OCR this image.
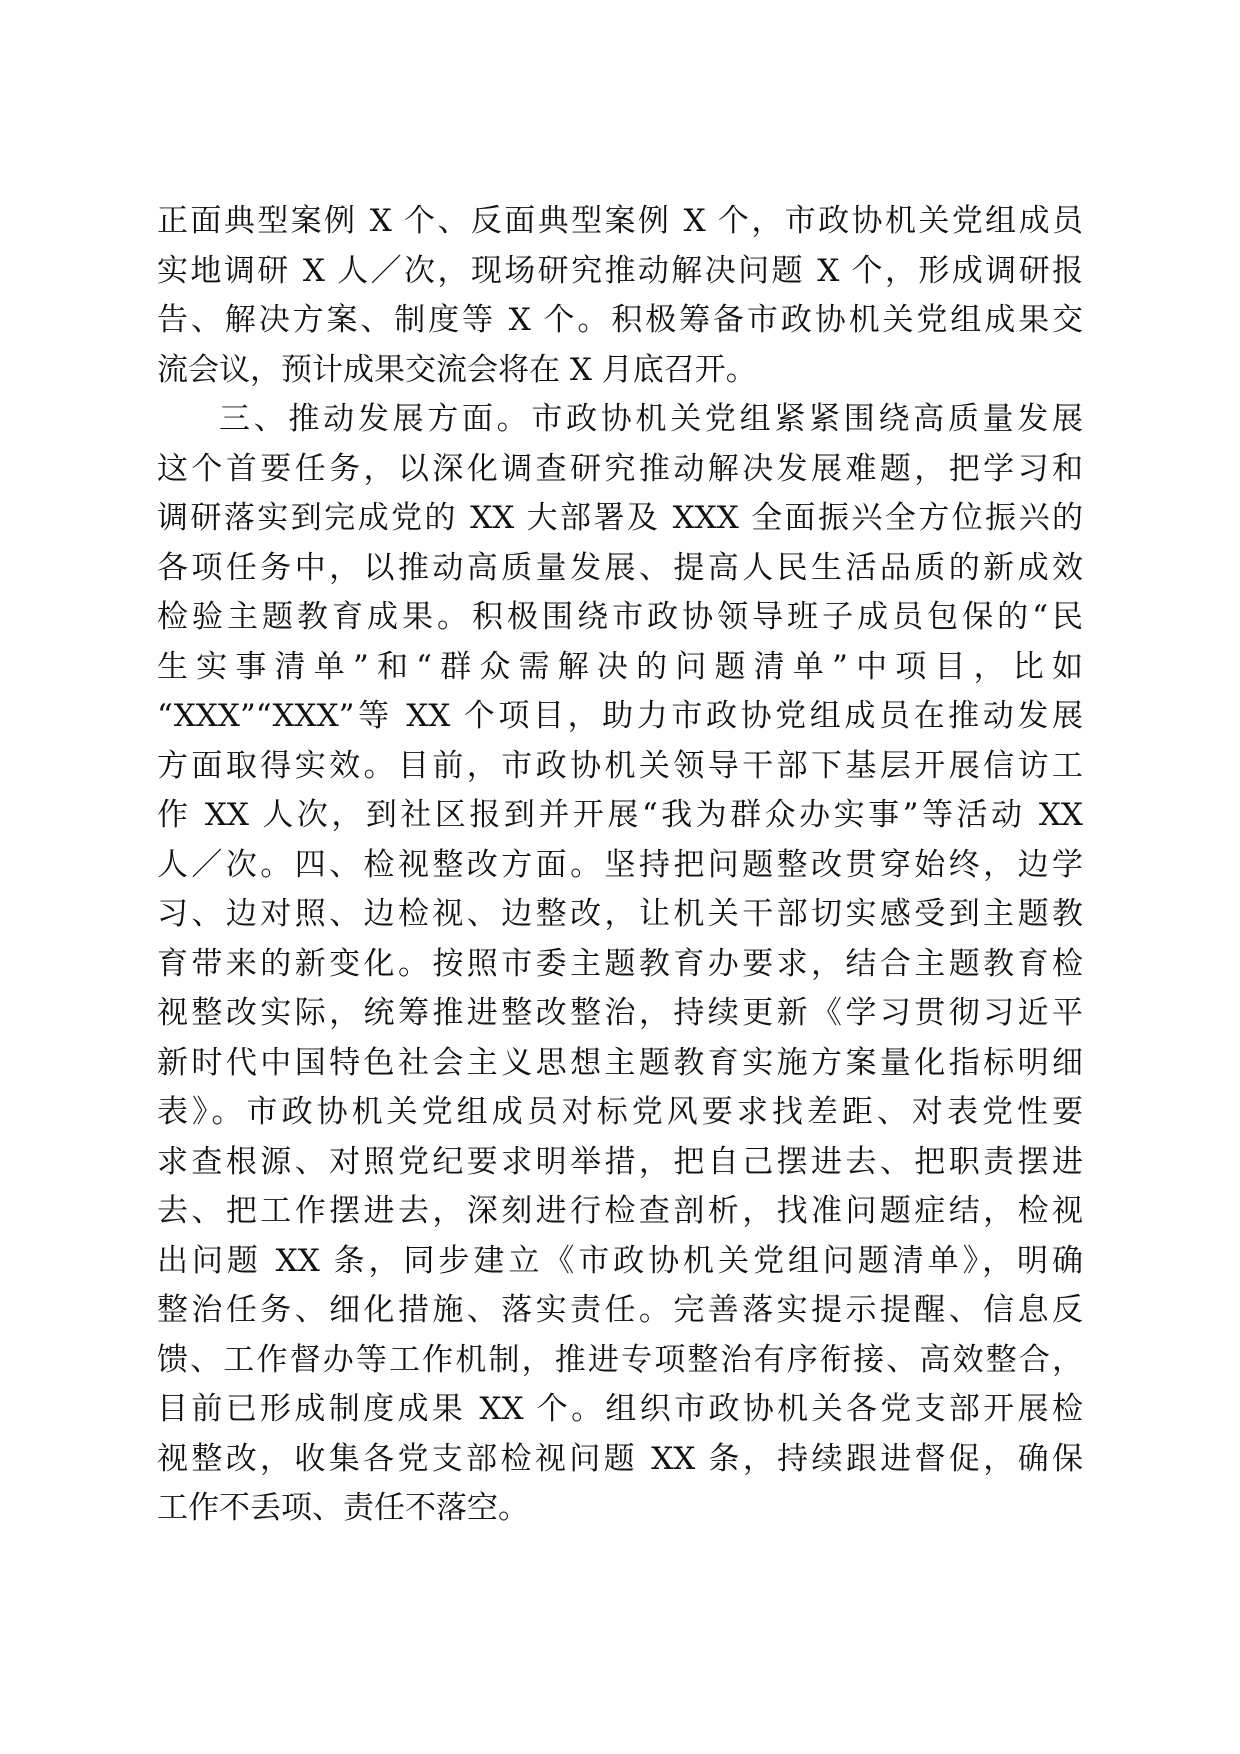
正面典型案例 X 个、反面典型案例 X 个，市政协机关党组成员
实地调研 X 人／次，现场研究推动解决问题 X 个，形成调研报
告、解决方案、制度等 X 个。积极筹备市政协机关党组成果交
流会议，预计成果交流会将在 X 月底召开。
三、推动发展方面。市政协机关党组紧紧围绕高质量发展
这个首要任务，以深化调查研究推动解决发展难题，把学习和
调研落实到完成党的 XX 大部署及 XXX 全面振兴全方位振兴的
各项任务中，以推动高质量发展、提高人民生活品质的新成效
检验主题教育成果。积极围绕市政协领导班子成员包保的“民
生实事清单”和“群众需解决的问题清单”中项目，比如
“XXX”“XXX”等 XX 个项目，助力市政协党组成员在推动发展
方面取得实效。目前，市政协机关领导干部下基层开展信访工
作 XX 人次，到社区报到并开展“我为群众办实事”等活动 XX
人／次。四、检视整改方面。坚持把问题整改贯穿始终，边学
习、边对照、边检视、边整改，让机关干部切实感受到主题教
育带来的新变化。按照市委主题教育办要求，结合主题教育检
视整改实际，统筹推进整改整治，持续更新《学习贯彻习近平
新时代中国特色社会主义思想主题教育实施方案量化指标明细
表》。市政协机关党组成员对标党风要求找差距、对表党性要
求查根源、对照党纪要求明举措，把自己摆进去、把职责摆进
去、把工作摆进去，深刻进行检查剖析，找准问题症结，检视
出问题 XX 条，同步建立《市政协机关党组问题清单》，明确
整治任务、细化措施、落实责任。完善落实提示提醒、信息反
馈、工作督办等工作机制，推进专项整治有序衔接、高效整合，
目前已形成制度成果 XX 个。组织市政协机关各党支部开展检
视整改，收集各党支部检视问题 XX 条，持续跟进督促，确保
工作不丢项、责任不落空。
